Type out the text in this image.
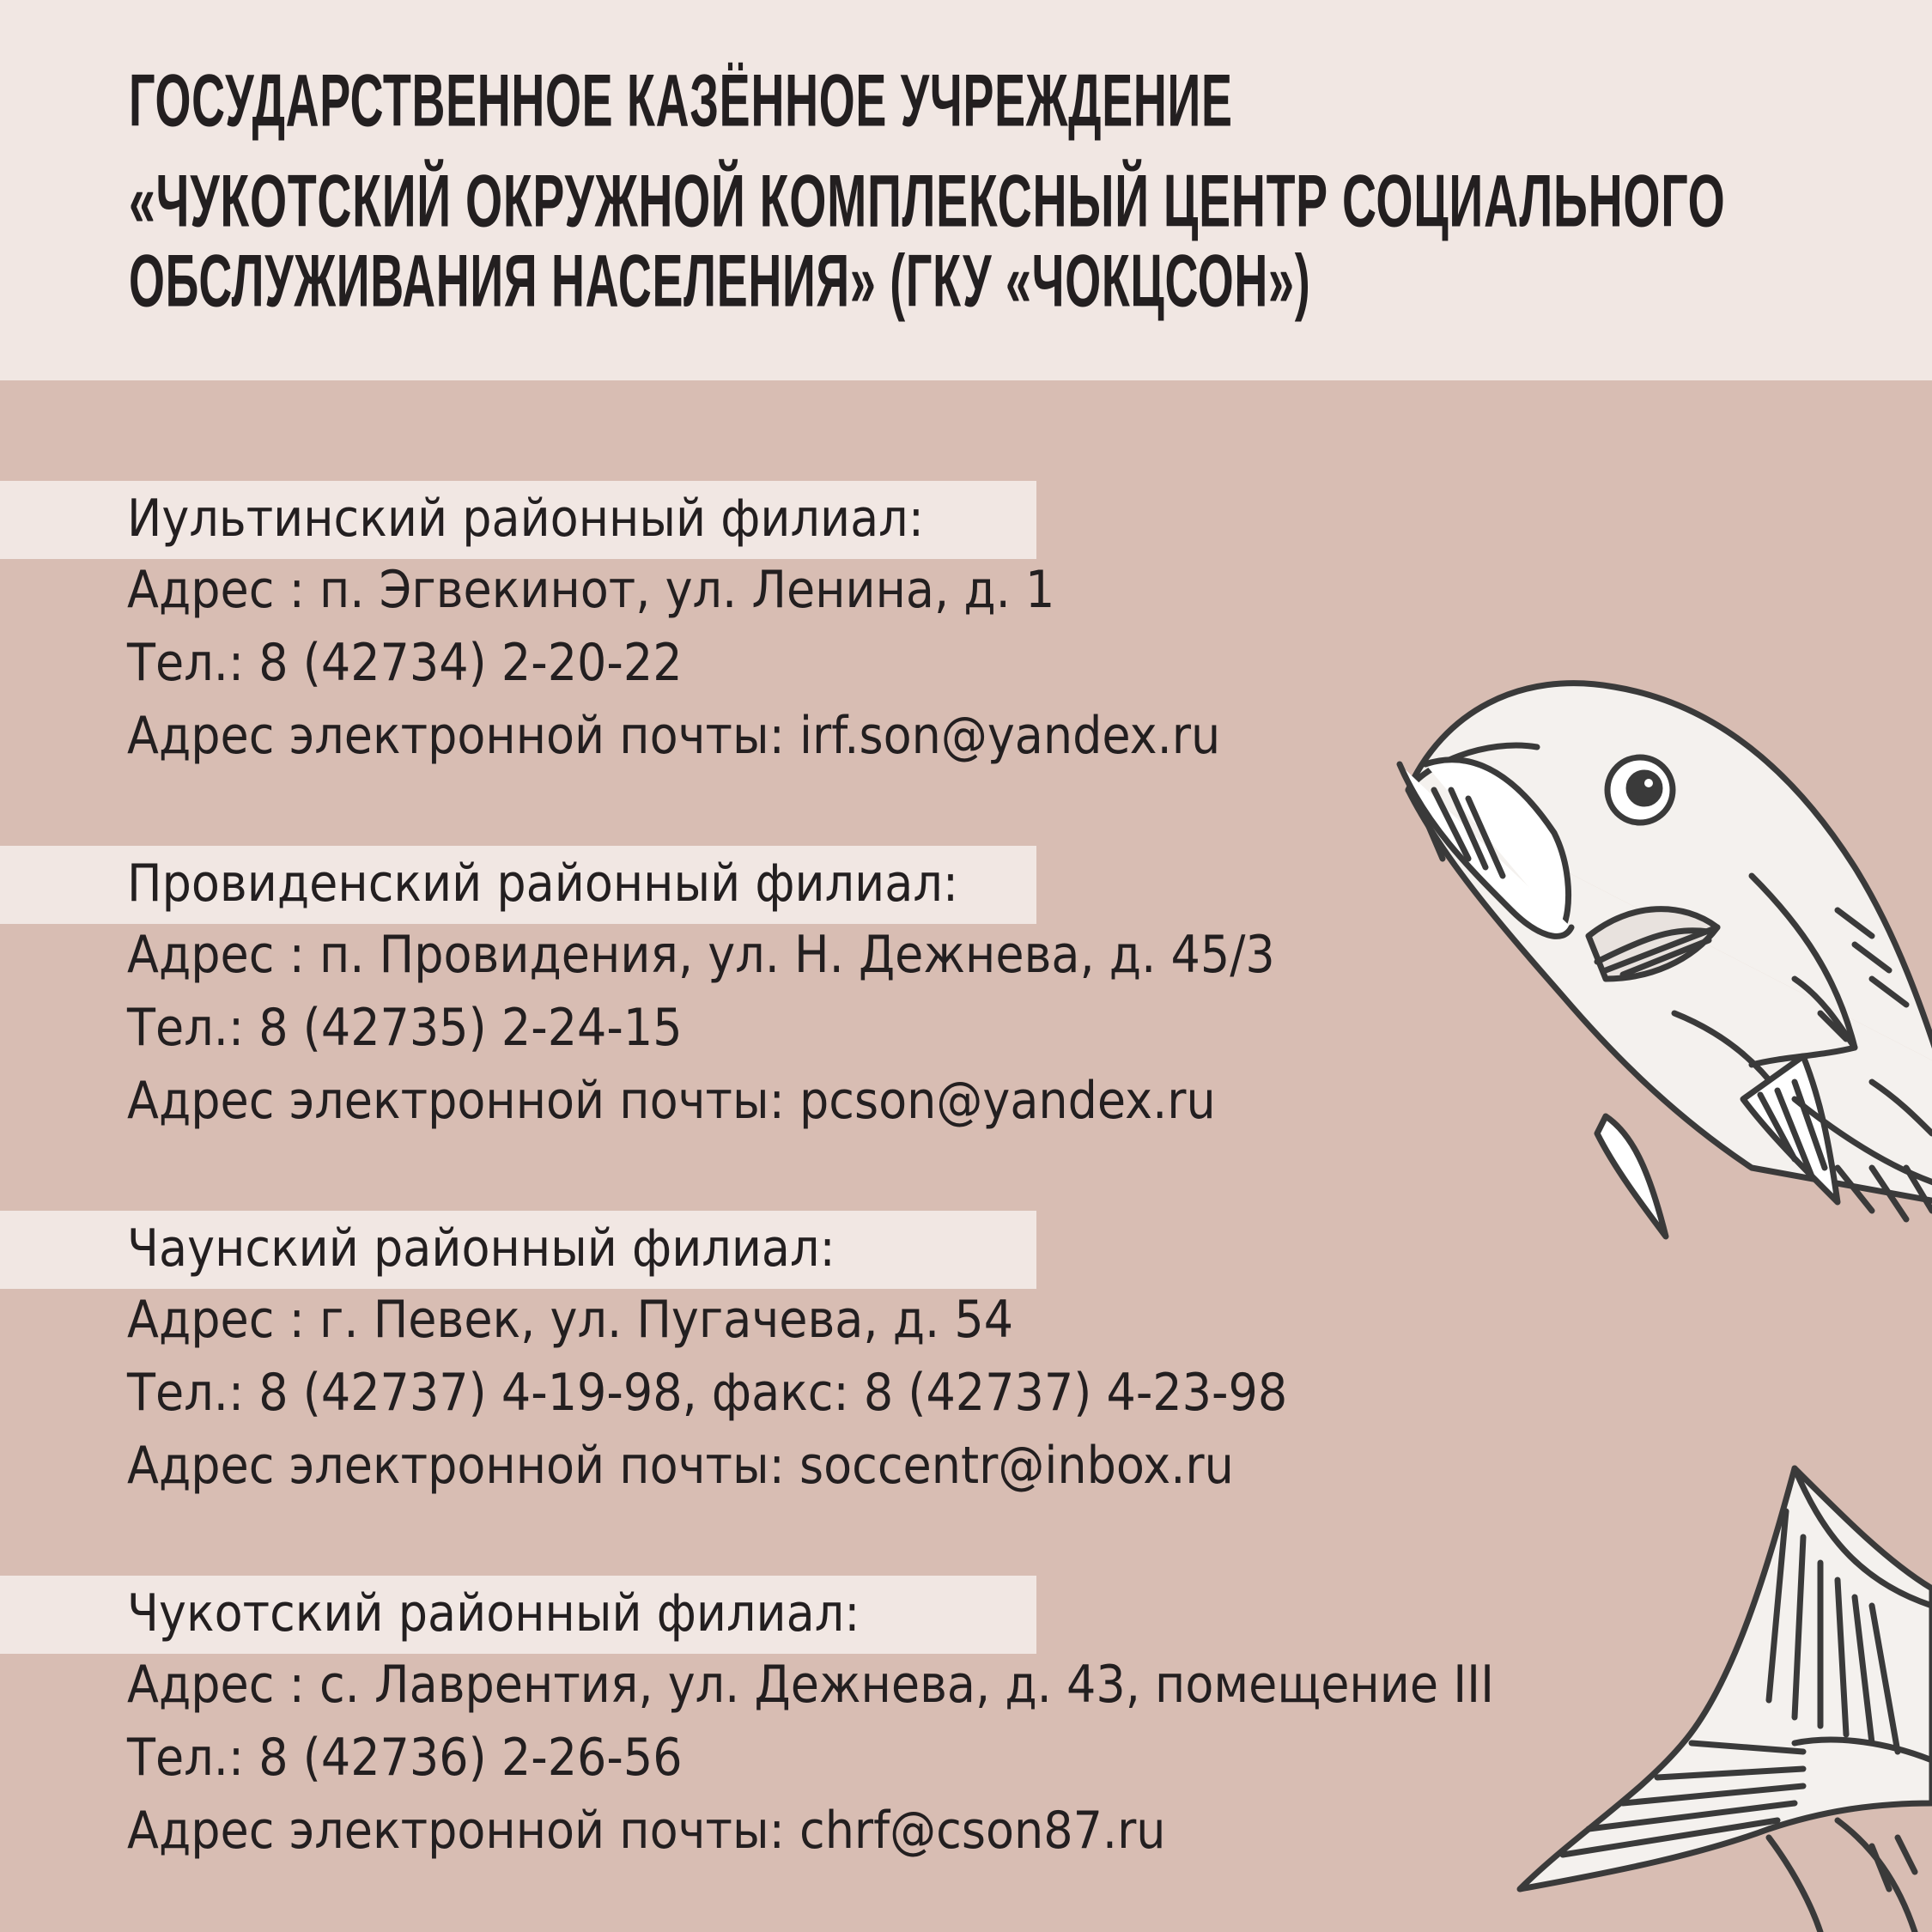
ГОСУДАРСТВЕННОЕ КАЗЁННОЕ УЧРЕЖДЕНИЕ
«ЧУКОТСКИЙ ОКРУЖНОЙ КОМПЛЕКСНЫЙ ЦЕНТР СОЦИАЛЬНОГО
ОБСЛУЖИВАНИЯ НАСЕЛЕНИЯ» (ГКУ «ЧОКЦСОН»)
Иультинский районный филиал:
Адрес : п. Эгвекинот, ул. Ленина, д. 1
Тел.: 8 (42734) 2-20-22
Адрес электронной почты: irf.son@yandex.ru
Провиденский районный филиал:
Адрес : п. Провидения, ул. Н. Дежнева, д. 45/3
Тел.: 8 (42735) 2-24-15
Адрес электронной почты: pcson@yandex.ru
Чаунский районный филиал:
Адрес : г. Певек, ул. Пугачева, д. 54
Тел.: 8 (42737) 4-19-98, факс: 8 (42737) 4-23-98
Адрес электронной почты: soccentr@inbox.ru
Чукотский районный филиал:
Адрес : с. Лаврентия, ул. Дежнева, д. 43, помещение III
Тел.: 8 (42736) 2-26-56
Адрес электронной почты: chrf@cson87.ru
